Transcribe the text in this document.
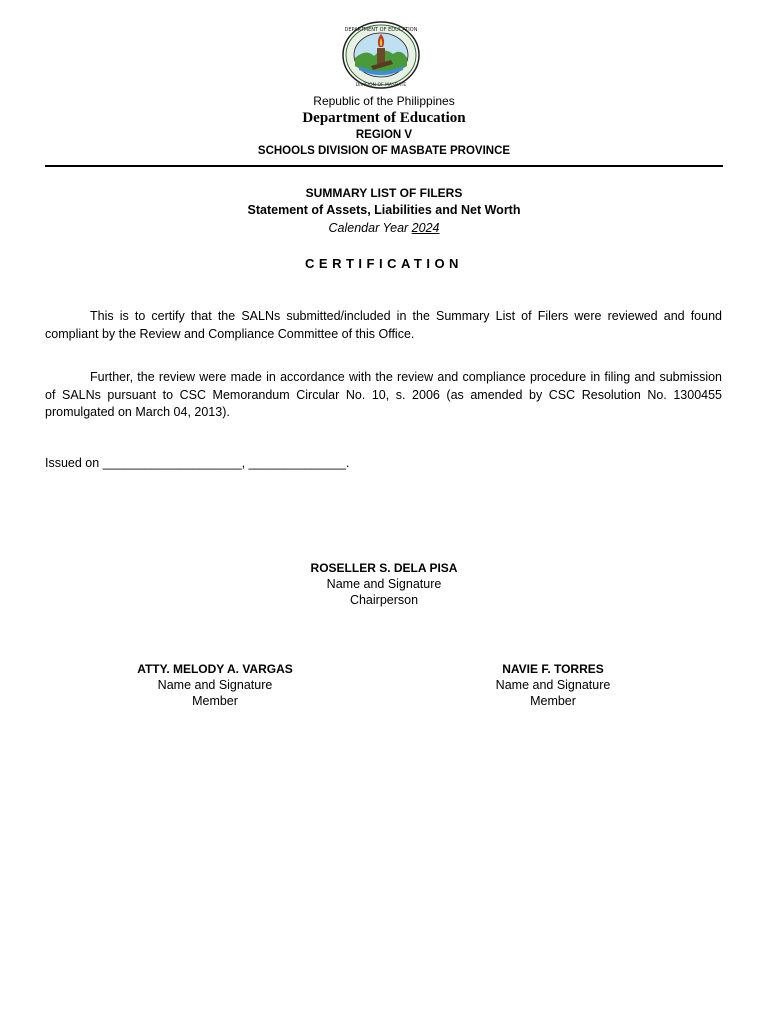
DEPARTMENT OF EDUCATION
DIVISION OF MASBATE
Republic of the Philippines
Department of Education
REGION V
SCHOOLS DIVISION OF MASBATE PROVINCE
SUMMARY LIST OF FILERS
Statement of Assets, Liabilities and Net Worth
Calendar Year 2024
CERTIFICATION

This is to certify that the SALNs submitted/included in the Summary List of Filers were reviewed and found compliant by the Review and Compliance Committee of this Office.

Further, the review were made in accordance with the review and compliance procedure in filing and submission of SALNs pursuant to CSC Memorandum Circular No. 10, s. 2006 (as amended by CSC Resolution No. 1300455 promulgated on March 04, 2013).

Issued on ____________________, ______________.
ROSELLER S. DELA PISA
Name and Signature
Chairperson
ATTY. MELODY A. VARGAS
Name and Signature
Member
NAVIE F. TORRES
Name and Signature
Member
